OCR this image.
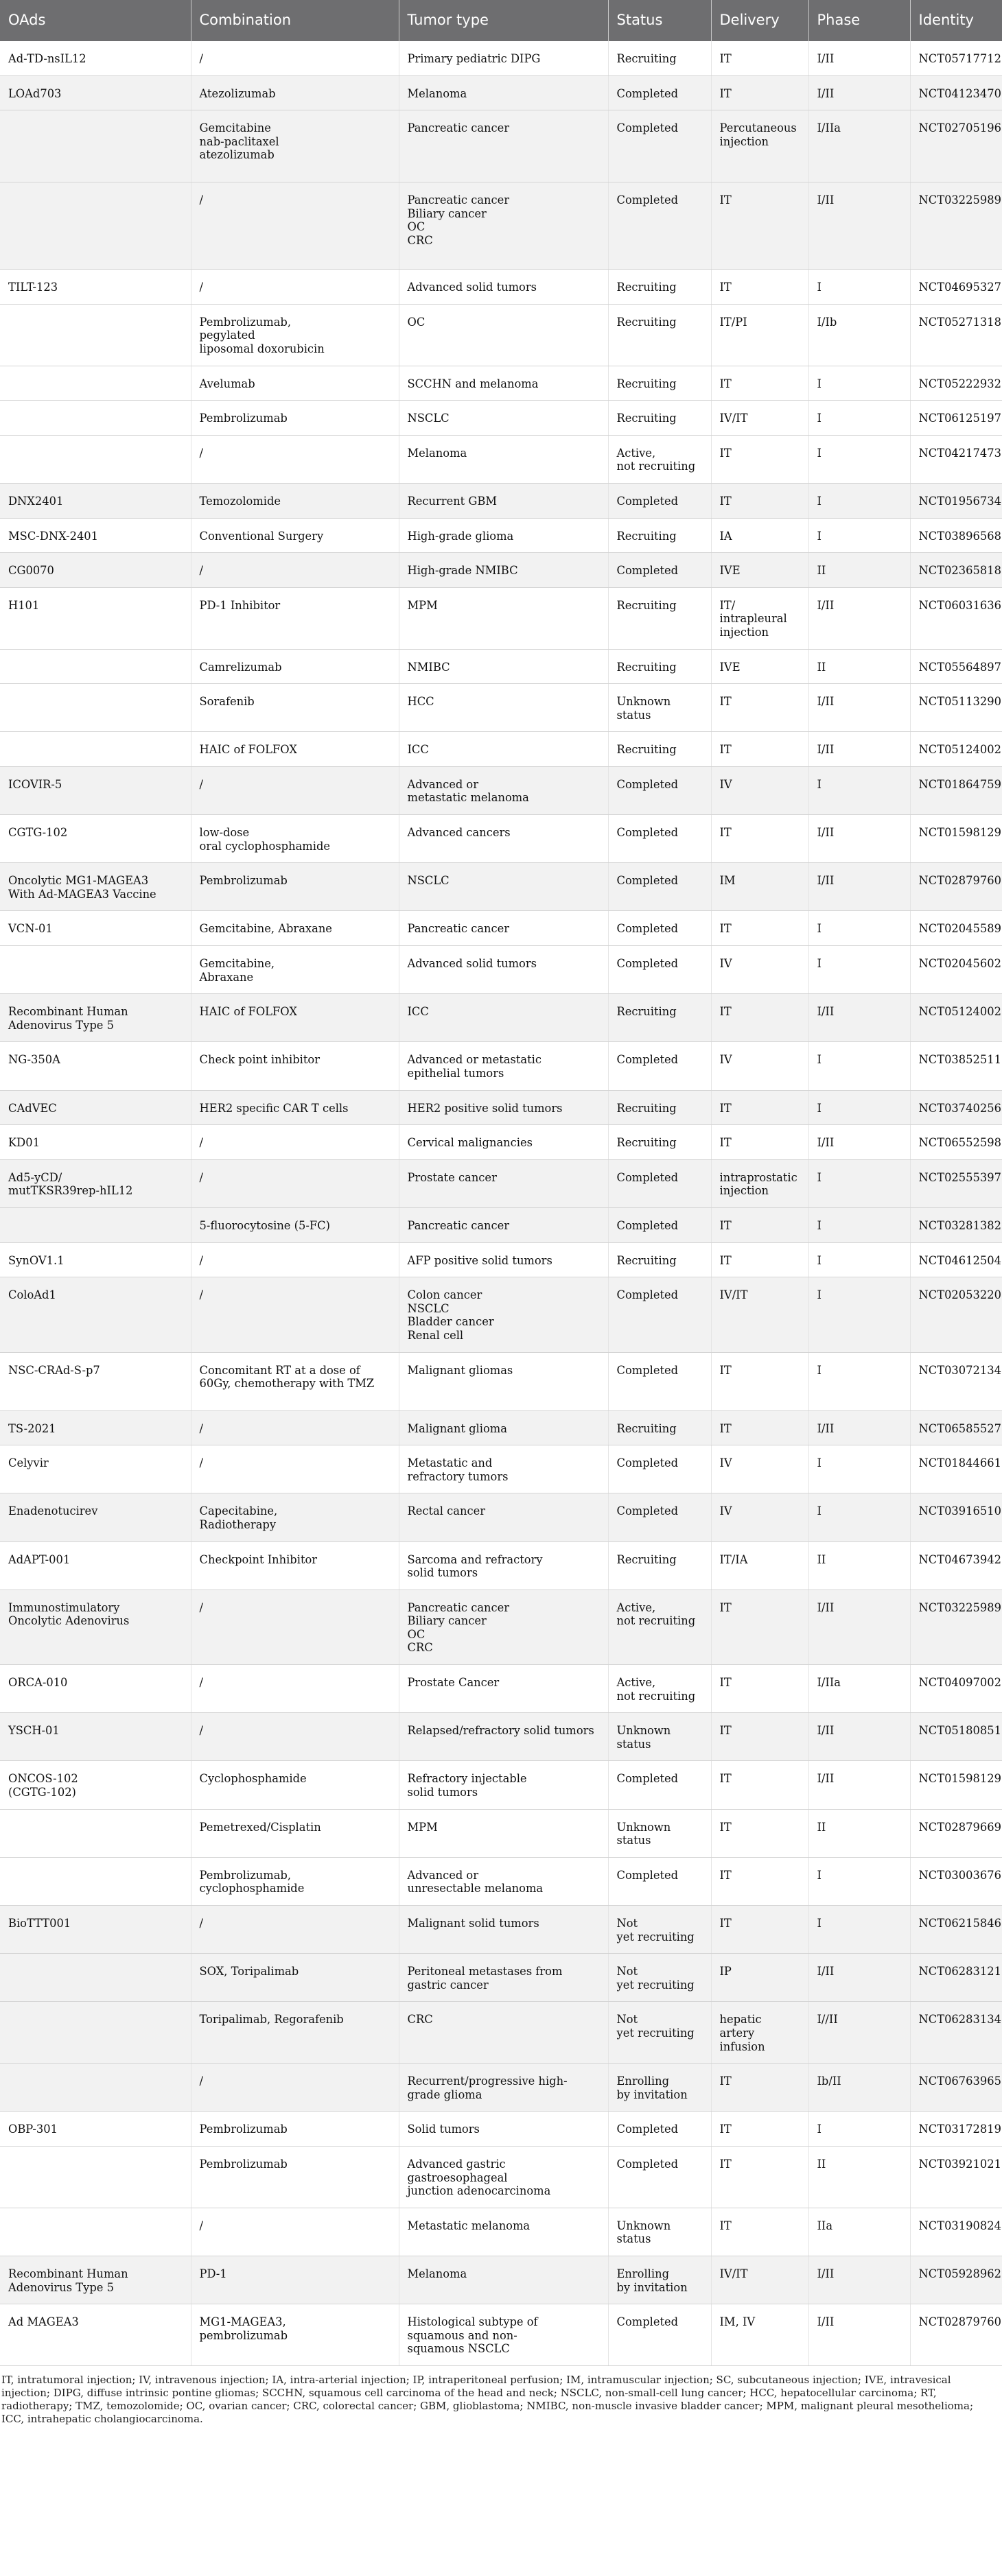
OAds	Combination	Tumor type	Status	Delivery	Phase	Identity
Ad-TD-nsIL12	/	Primary pediatric DIPG	Recruiting	IT	I/II	NCT05717712
LOAd703	Atezolizumab	Melanoma	Completed	IT	I/II	NCT04123470
	Gemcitabine
nab-paclitaxel
atezolizumab	Pancreatic cancer	Completed	Percutaneous
injection	I/IIa	NCT02705196
	/	Pancreatic cancer
Biliary cancer
OC
CRC	Completed	IT	I/II	NCT03225989
TILT-123	/	Advanced solid tumors	Recruiting	IT	I	NCT04695327
	Pembrolizumab,
pegylated
liposomal doxorubicin	OC	Recruiting	IT/PI	I/Ib	NCT05271318
	Avelumab	SCCHN and melanoma	Recruiting	IT	I	NCT05222932
	Pembrolizumab	NSCLC	Recruiting	IV/IT	I	NCT06125197
	/	Melanoma	Active,
not recruiting	IT	I	NCT04217473
DNX2401	Temozolomide	Recurrent GBM	Completed	IT	I	NCT01956734
MSC-DNX-2401	Conventional Surgery	High-grade glioma	Recruiting	IA	I	NCT03896568
CG0070	/	High-grade NMIBC	Completed	IVE	II	NCT02365818
H101	PD-1 Inhibitor	MPM	Recruiting	IT/
intrapleural
injection	I/II	NCT06031636
	Camrelizumab	NMIBC	Recruiting	IVE	II	NCT05564897
	Sorafenib	HCC	Unknown
status	IT	I/II	NCT05113290
	HAIC of FOLFOX	ICC	Recruiting	IT	I/II	NCT05124002
ICOVIR-5	/	Advanced or
metastatic melanoma	Completed	IV	I	NCT01864759
CGTG-102	low-dose
oral cyclophosphamide	Advanced cancers	Completed	IT	I/II	NCT01598129
Oncolytic MG1-MAGEA3
With Ad-MAGEA3 Vaccine	Pembrolizumab	NSCLC	Completed	IM	I/II	NCT02879760
VCN-01	Gemcitabine, Abraxane	Pancreatic cancer	Completed	IT	I	NCT02045589
	Gemcitabine,
Abraxane	Advanced solid tumors	Completed	IV	I	NCT02045602
Recombinant Human
Adenovirus Type 5	HAIC of FOLFOX	ICC	Recruiting	IT	I/II	NCT05124002
NG-350A	Check point inhibitor	Advanced or metastatic
epithelial tumors	Completed	IV	I	NCT03852511
CAdVEC	HER2 specific CAR T cells	HER2 positive solid tumors	Recruiting	IT	I	NCT03740256
KD01	/	Cervical malignancies	Recruiting	IT	I/II	NCT06552598
Ad5-yCD/
mutTKSR39rep-hIL12	/	Prostate cancer	Completed	intraprostatic
injection	I	NCT02555397
	5-fluorocytosine (5-FC)	Pancreatic cancer	Completed	IT	I	NCT03281382
SynOV1.1	/	AFP positive solid tumors	Recruiting	IT	I	NCT04612504
ColoAd1	/	Colon cancer
NSCLC
Bladder cancer
Renal cell	Completed	IV/IT	I	NCT02053220
NSC-CRAd-S-p7	Concomitant RT at a dose of
60Gy, chemotherapy with TMZ	Malignant gliomas	Completed	IT	I	NCT03072134
TS-2021	/	Malignant glioma	Recruiting	IT	I/II	NCT06585527
Celyvir	/	Metastatic and
refractory tumors	Completed	IV	I	NCT01844661
Enadenotucirev	Capecitabine,
Radiotherapy	Rectal cancer	Completed	IV	I	NCT03916510
AdAPT-001	Checkpoint Inhibitor	Sarcoma and refractory
solid tumors	Recruiting	IT/IA	II	NCT04673942
Immunostimulatory
Oncolytic Adenovirus	/	Pancreatic cancer
Biliary cancer
OC
CRC	Active,
not recruiting	IT	I/II	NCT03225989
ORCA-010	/	Prostate Cancer	Active,
not recruiting	IT	I/IIa	NCT04097002
YSCH-01	/	Relapsed/refractory solid tumors	Unknown
status	IT	I/II	NCT05180851
ONCOS-102
(CGTG-102)	Cyclophosphamide	Refractory injectable
solid tumors	Completed	IT	I/II	NCT01598129
	Pemetrexed/Cisplatin	MPM	Unknown
status	IT	II	NCT02879669
	Pembrolizumab,
cyclophosphamide	Advanced or
unresectable melanoma	Completed	IT	I	NCT03003676
BioTTT001	/	Malignant solid tumors	Not
yet recruiting	IT	I	NCT06215846
	SOX, Toripalimab	Peritoneal metastases from
gastric cancer	Not
yet recruiting	IP	I/II	NCT06283121
	Toripalimab, Regorafenib	CRC	Not
yet recruiting	hepatic
artery
infusion	I//II	NCT06283134
	/	Recurrent/progressive high-
grade glioma	Enrolling
by invitation	IT	Ib/II	NCT06763965
OBP-301	Pembrolizumab	Solid tumors	Completed	IT	I	NCT03172819
	Pembrolizumab	Advanced gastric
gastroesophageal
junction adenocarcinoma	Completed	IT	II	NCT03921021
	/	Metastatic melanoma	Unknown
status	IT	IIa	NCT03190824
Recombinant Human
Adenovirus Type 5	PD-1	Melanoma	Enrolling
by invitation	IV/IT	I/II	NCT05928962
Ad MAGEA3	MG1-MAGEA3,
pembrolizumab	Histological subtype of
squamous and non-
squamous NSCLC	Completed	IM, IV	I/II	NCT02879760
IT, intratumoral injection; IV, intravenous injection; IA, intra-arterial injection; IP, intraperitoneal perfusion; IM, intramuscular injection; SC, subcutaneous injection; IVE, intravesical injection; DIPG, diffuse intrinsic pontine gliomas; SCCHN, squamous cell carcinoma of the head and neck; NSCLC, non-small-cell lung cancer; HCC, hepatocellular carcinoma; RT, radiotherapy; TMZ, temozolomide; OC, ovarian cancer; CRC, colorectal cancer; GBM, glioblastoma; NMIBC, non-muscle invasive bladder cancer; MPM, malignant pleural mesothelioma; ICC, intrahepatic cholangiocarcinoma.
